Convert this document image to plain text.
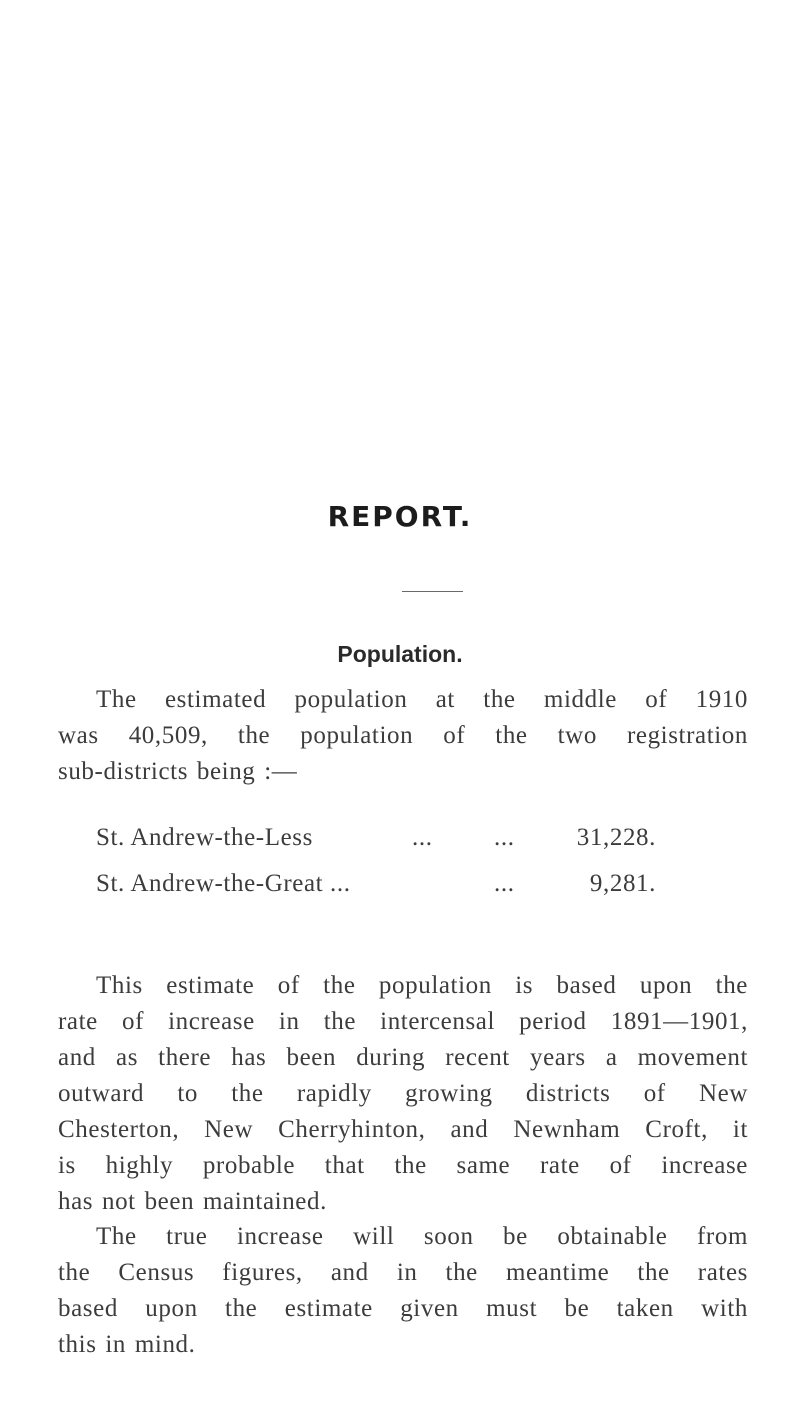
REPORT.
Population.
The estimated population at the middle of 1910
was 40,509, the population of the two registration
sub-districts being :—
St. Andrew-the-Less	... ... 31,228.
St. Andrew-the-Great ...	...	9,281.
This estimate of the population is based upon the
rate of increase in the intercensal period 1891—1901,
and as there has been during recent years a movement
outward to the rapidly growing districts of New
Chesterton, New Cherryhinton, and Newnham Croft, it
is highly probable that the same rate of increase
has not been maintained.
The true increase will soon be obtainable from
the Census figures, and in the meantime the rates
based upon the estimate given must be taken with
this in mind.
